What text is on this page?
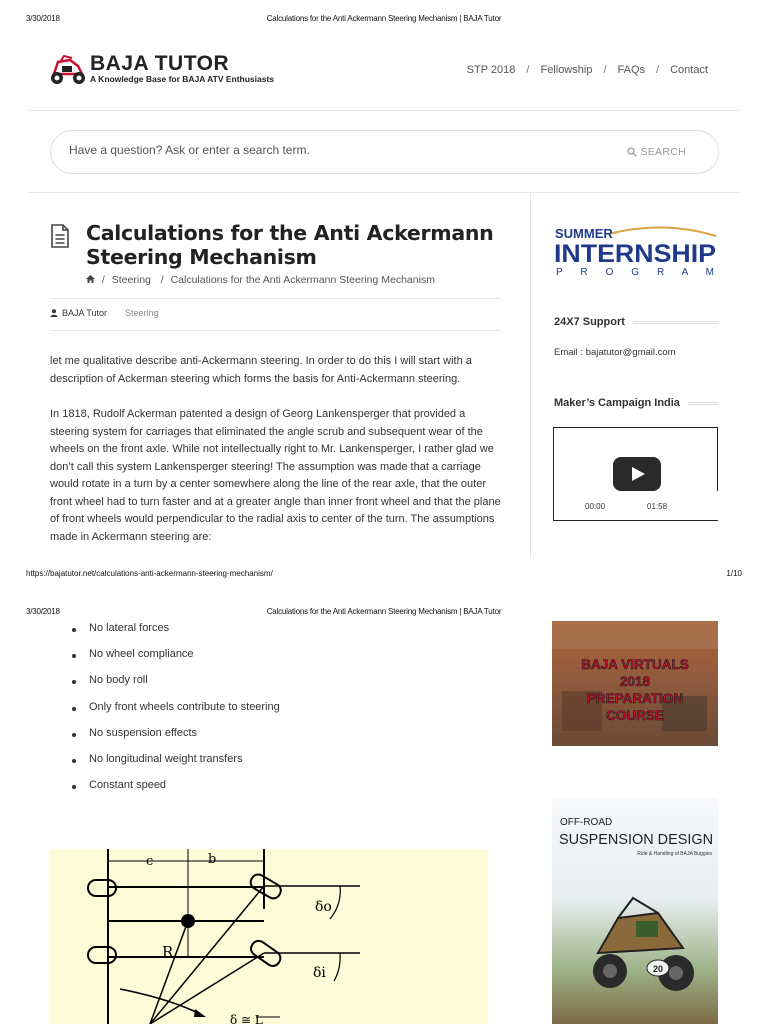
3/30/2018	Calculations for the Anti Ackermann Steering Mechanism | BAJA Tutor
BAJA TUTOR
A Knowledge Base for BAJA ATV Enthusiasts
STP 2018 / Fellowship / FAQs / Contact
Have a question? Ask or enter a search term.
SEARCH
Calculations for the Anti Ackermann Steering Mechanism
/ Steering  / Calculations for the Anti Ackermann Steering Mechanism
BAJA Tutor Steering

let me qualitative describe anti-Ackermann steering. In order to do this I will start with a description of Ackerman steering which forms the basis for Anti-Ackermann steering.

In 1818, Rudolf Ackerman patented a design of Georg Lankensperger that provided a steering system for carriages that eliminated the angle scrub and subsequent wear of the wheels on the front axle. While not intellectually right to Mr. Lankensperger, I rather glad we don’t call this system Lankensperger steering! The assumption was made that a carriage would rotate in a turn by a center somewhere along the line of the rear axle, that the outer front wheel had to turn faster and at a greater angle than inner front wheel and that the plane of front wheels would perpendicular to the radial axis to center of the turn. The assumptions made in Ackermann steering are:

https://bajatutor.net/calculations-anti-ackermann-steering-mechanism/	1/10
3/30/2018	Calculations for the Anti Ackermann Steering Mechanism | BAJA Tutor
No lateral forces
No wheel compliance
No body roll
Only front wheels contribute to steering
No suspension effects
No longitudinal weight transfers
Constant speed
c	b
δo
δi
R
δ ≅ L
SUMMER
INTERNSHIP
P R O G R A M
24X7 Support
Email : bajatutor@gmail.com
Maker’s Campaign India
00:00	01:58
BAJA VIRTUALS
2018
PREPARATION
COURSE
OFF-ROAD
SUSPENSION DESIGN
Ride & Handling of BAJA Buggies
20
